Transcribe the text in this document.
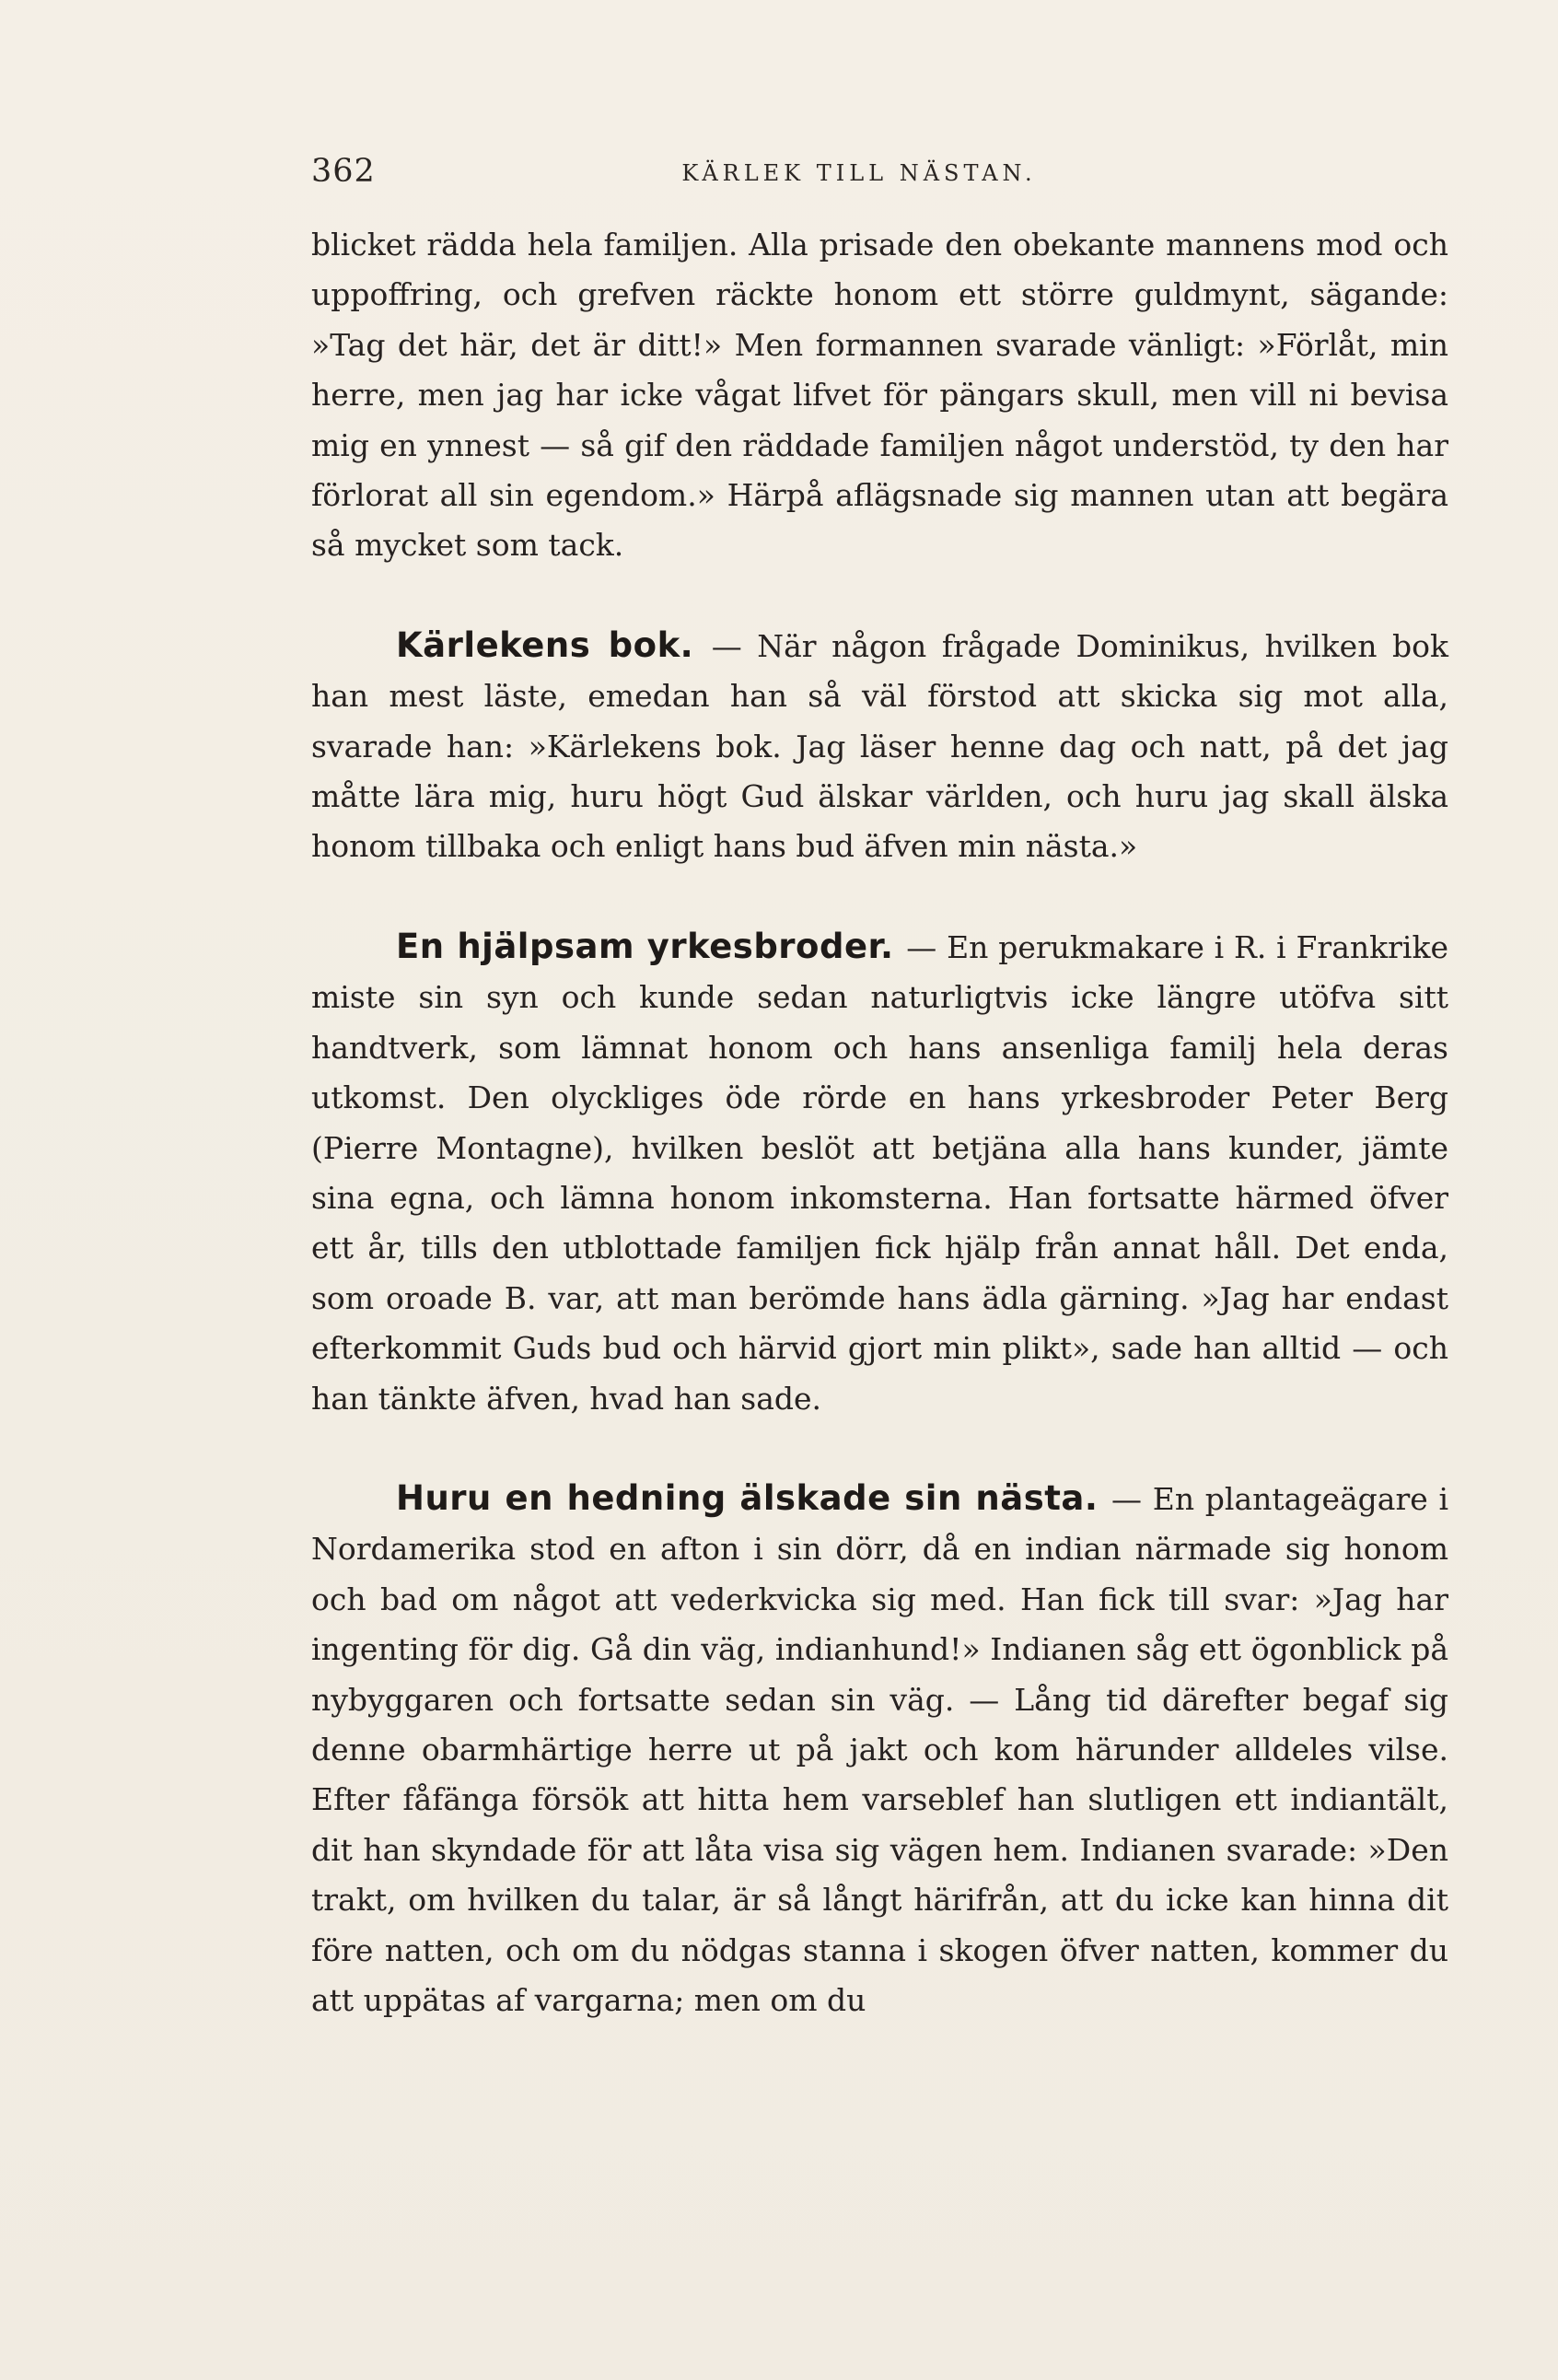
362	KÄRLEK TILL NÄSTAN.

blicket rädda hela familjen. Alla prisade den obekante mannens mod och uppoffring, och grefven räckte honom ett större guldmynt, sägande: »Tag det här, det är ditt!» Men formannen svarade vänligt: »Förlåt, min herre, men jag har icke vågat lifvet för pängars skull, men vill ni bevisa mig en ynnest — så gif den räddade familjen något understöd, ty den har förlorat all sin egendom.» Härpå aflägsnade sig mannen utan att begära så mycket som tack.

Kärlekens bok. — När någon frågade Dominikus, hvilken bok han mest läste, emedan han så väl förstod att skicka sig mot alla, svarade han: »Kärlekens bok. Jag läser henne dag och natt, på det jag måtte lära mig, huru högt Gud älskar världen, och huru jag skall älska honom tillbaka och enligt hans bud äfven min nästa.»

En hjälpsam yrkesbroder. — En perukmakare i R. i Frankrike miste sin syn och kunde sedan naturligtvis icke längre utöfva sitt handtverk, som lämnat honom och hans ansenliga familj hela deras utkomst. Den olyckliges öde rörde en hans yrkesbroder Peter Berg (Pierre Montagne), hvilken beslöt att betjäna alla hans kunder, jämte sina egna, och lämna honom inkomsterna. Han fortsatte härmed öfver ett år, tills den utblottade familjen fick hjälp från annat håll. Det enda, som oroade B. var, att man berömde hans ädla gärning. »Jag har endast efterkommit Guds bud och härvid gjort min plikt», sade han alltid — och han tänkte äfven, hvad han sade.

Huru en hedning älskade sin nästa. — En plantageägare i Nordamerika stod en afton i sin dörr, då en indian närmade sig honom och bad om något att vederkvicka sig med. Han fick till svar: »Jag har ingenting för dig. Gå din väg, indianhund!» Indianen såg ett ögonblick på nybyggaren och fortsatte sedan sin väg. — Lång tid därefter begaf sig denne obarmhärtige herre ut på jakt och kom härunder alldeles vilse. Efter fåfänga försök att hitta hem varseblef han slutligen ett indiantält, dit han skyndade för att låta visa sig vägen hem. Indianen svarade: »Den trakt, om hvilken du talar, är så långt härifrån, att du icke kan hinna dit före natten, och om du nödgas stanna i skogen öfver natten, kommer du att uppätas af vargarna; men om du
